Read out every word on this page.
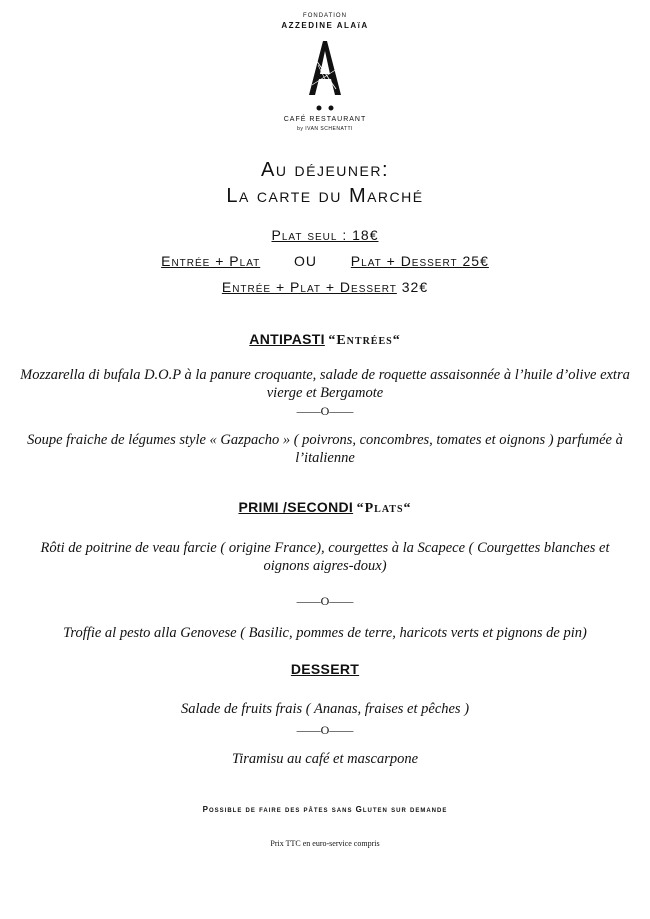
FONDATION
AZZEDINE ALAïA
CAFÉ RESTAURANT
by IVAN SCHENATTI
Au déjeuner:
La carte du Marché
Plat seul : 18€
Entrée + Plat OU Plat + Dessert 25€
Entrée + Plat + Dessert 32€
ANTIPASTI “Entrées“
Mozzarella di bufala D.O.P à la panure croquante, salade de roquette assaisonnée à l’huile d’olive extra vierge et Bergamote
——O——
Soupe fraiche de légumes style « Gazpacho » ( poivrons, concombres, tomates et oignons ) parfumée à l’italienne
PRIMI /SECONDI “Plats“
Rôti de poitrine de veau farcie ( origine France), courgettes à la Scapece ( Courgettes blanches et oignons aigres-doux)
——O——
Troffie al pesto alla Genovese ( Basilic, pommes de terre, haricots verts et pignons de pin)
DESSERT
Salade de fruits frais ( Ananas, fraises et pêches )
——O——
Tiramisu au café et mascarpone
Possible de faire des pâtes sans Gluten sur demande
Prix TTC en euro-service compris
